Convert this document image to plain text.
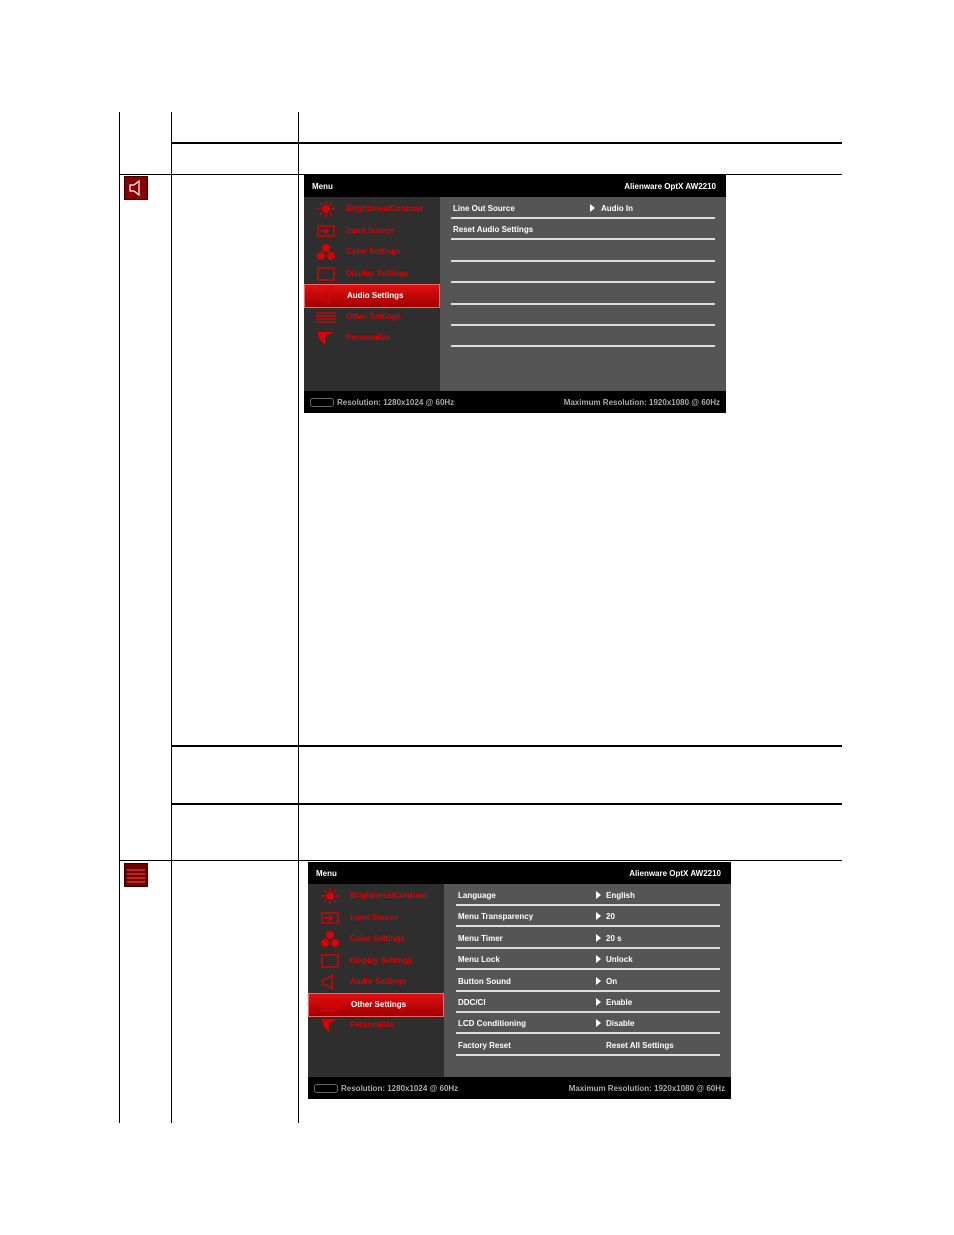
Menu	Alienware OptX AW2210
Brightness/Contrast
Input Source
Color Settings
Display Settings
Audio Settings
Other Settings
Personalize
Line Out Source	Audio In
Reset Audio Settings
Resolution: 1280x1024 @ 60Hz	Maximum Resolution: 1920x1080 @ 60Hz
Menu	Alienware OptX AW2210
Brightness/Contrast
Input Source
Color Settings
Display Settings
Audio Settings
Other Settings
Personalize
Language	English
Menu Transparency	20
Menu Timer	20 s
Menu Lock	Unlock
Button Sound	On
DDC/CI	Enable
LCD Conditioning	Disable
Factory Reset	Reset All Settings
Resolution: 1280x1024 @ 60Hz	Maximum Resolution: 1920x1080 @ 60Hz
